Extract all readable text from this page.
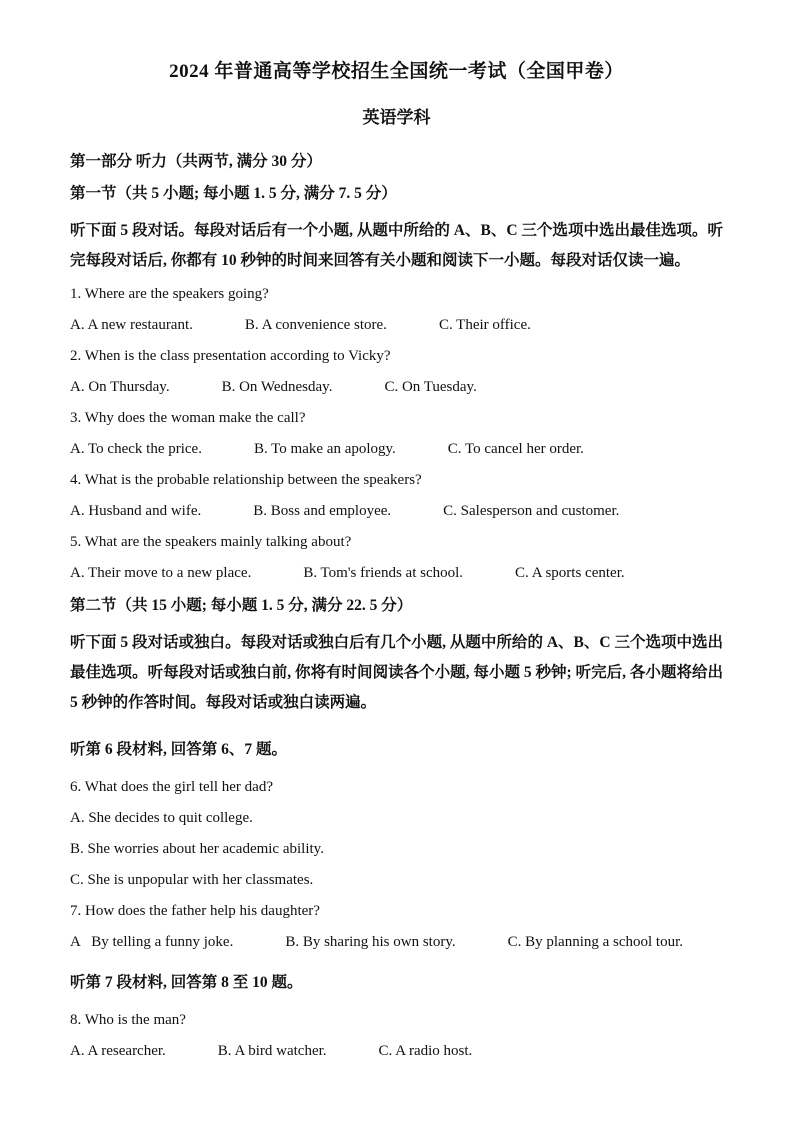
2024 年普通高等学校招生全国统一考试（全国甲卷）
英语学科

第一部分 听力（共两节, 满分 30 分）

第一节（共 5 小题; 每小题 1. 5 分, 满分 7. 5 分）

听下面 5 段对话。每段对话后有一个小题, 从题中所给的 A、B、C 三个选项中选出最佳选项。听完每段对话后, 你都有 10 秒钟的时间来回答有关小题和阅读下一小题。每段对话仅读一遍。

1. Where are the speakers going?

A. A new restaurant.	B. A convenience store.	C. Their office.

2. When is the class presentation according to Vicky?

A. On Thursday.	B. On Wednesday.	C. On Tuesday.

3. Why does the woman make the call?

A. To check the price.	B. To make an apology.	C. To cancel her order.

4. What is the probable relationship between the speakers?

A. Husband and wife.	B. Boss and employee.	C. Salesperson and customer.

5. What are the speakers mainly talking about?

A. Their move to a new place.	B. Tom's friends at school.	C. A sports center.

第二节（共 15 小题; 每小题 1. 5 分, 满分 22. 5 分）

听下面 5 段对话或独白。每段对话或独白后有几个小题, 从题中所给的 A、B、C 三个选项中选出最佳选项。听每段对话或独白前, 你将有时间阅读各个小题, 每小题 5 秒钟; 听完后, 各小题将给出 5 秒钟的作答时间。每段对话或独白读两遍。

听第 6 段材料, 回答第 6、7 题。

6. What does the girl tell her dad?

A. She decides to quit college.

B. She worries about her academic ability.

C. She is unpopular with her classmates.

7. How does the father help his daughter?

A   By telling a funny joke.	B. By sharing his own story.	C. By planning a school tour.

听第 7 段材料, 回答第 8 至 10 题。

8. Who is the man?

A. A researcher.	B. A bird watcher.	C. A radio host.
